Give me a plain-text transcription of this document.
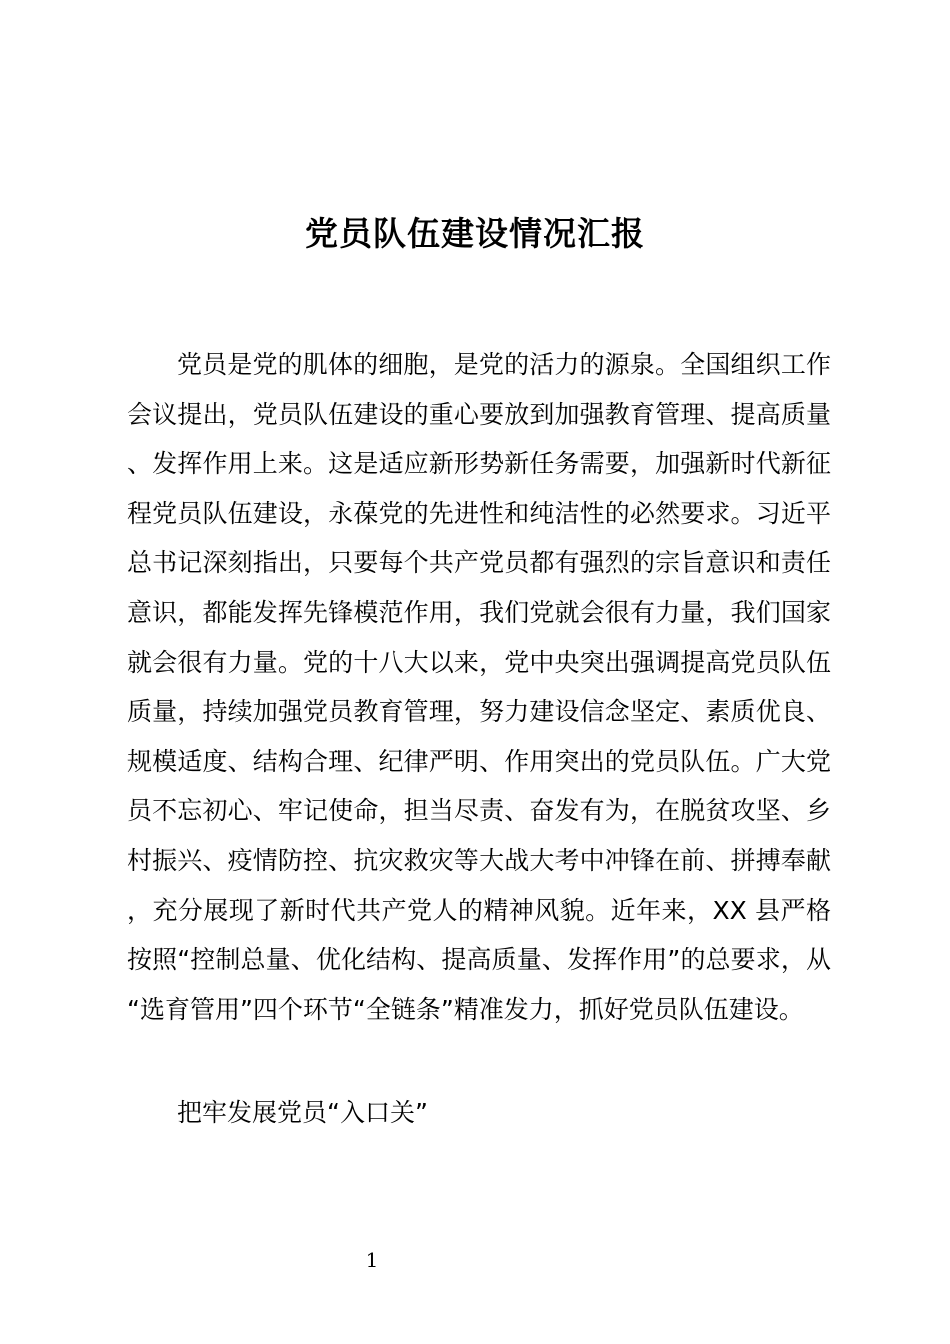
党员队伍建设情况汇报

党员是党的肌体的细胞，是党的活力的源泉。全国组织工作会议提出，党员队伍建设的重心要放到加强教育管理、提高质量、发挥作用上来。这是适应新形势新任务需要，加强新时代新征程党员队伍建设，永葆党的先进性和纯洁性的必然要求。习近平总书记深刻指出，只要每个共产党员都有强烈的宗旨意识和责任意识，都能发挥先锋模范作用，我们党就会很有力量，我们国家就会很有力量。党的十八大以来，党中央突出强调提高党员队伍质量，持续加强党员教育管理，努力建设信念坚定、素质优良、规模适度、结构合理、纪律严明、作用突出的党员队伍。广大党员不忘初心、牢记使命，担当尽责、奋发有为，在脱贫攻坚、乡村振兴、疫情防控、抗灾救灾等大战大考中冲锋在前、拼搏奉献，充分展现了新时代共产党人的精神风貌。近年来，XX 县严格按照“控制总量、优化结构、提高质量、发挥作用”的总要求，从“选育管用”四个环节“全链条”精准发力，抓好党员队伍建设。

把牢发展党员“入口关”

1
